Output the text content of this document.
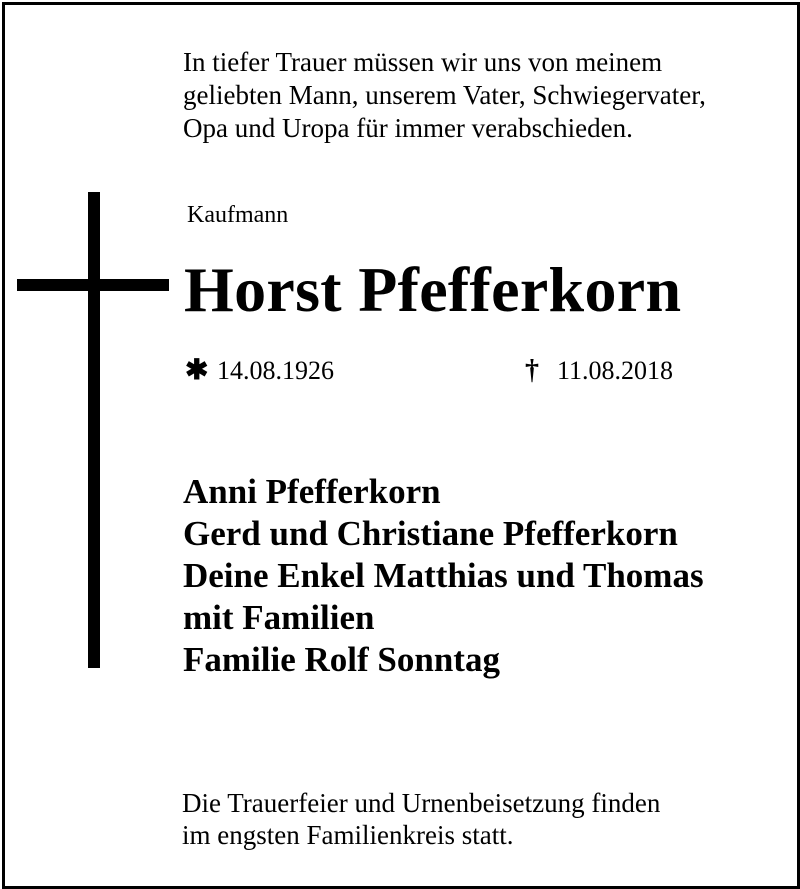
In tiefer Trauer müssen wir uns von meinem
geliebten Mann, unserem Vater, Schwiegervater,
Opa und Uropa für immer verabschieden.

Kaufmann

Horst Pfefferkorn
✱ 14.08.1926	† 11.08.2018

Anni Pfefferkorn
Gerd und Christiane Pfefferkorn
Deine Enkel Matthias und Thomas
mit Familien
Familie Rolf Sonntag

Die Trauerfeier und Urnenbeisetzung finden
im engsten Familienkreis statt.
